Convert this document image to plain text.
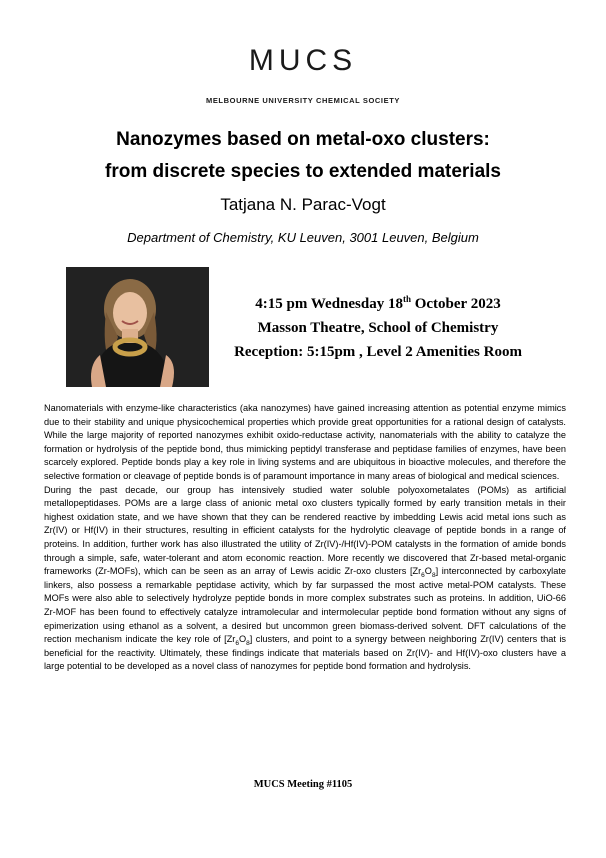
MUCS
MELBOURNE UNIVERSITY CHEMICAL SOCIETY
Nanozymes based on metal-oxo clusters:
from discrete species to extended materials
Tatjana N. Parac-Vogt
Department of Chemistry, KU Leuven, 3001 Leuven, Belgium
4:15 pm Wednesday 18th October 2023
Masson Theatre, School of Chemistry
Reception: 5:15pm , Level 2 Amenities Room

Nanomaterials with enzyme-like characteristics (aka nanozymes) have gained increasing attention as potential enzyme mimics due to their stability and unique physicochemical properties which provide great opportunities for a rational design of catalysts. While the large majority of reported nanozymes exhibit oxido-reductase activity, nanomaterials with the ability to catalyze the formation or hydrolysis of the peptide bond, thus mimicking peptidyl transferase and peptidase families of enzymes, have been scarcely explored. Peptide bonds play a key role in living systems and are ubiquitous in bioactive molecules, and therefore the selective formation or cleavage of peptide bonds is of paramount importance in many areas of biological and medical sciences.

During the past decade, our group has intensively studied water soluble polyoxometalates (POMs) as artificial metallopeptidases. POMs are a large class of anionic metal oxo clusters typically formed by early transition metals in their highest oxidation state, and we have shown that they can be rendered reactive by imbedding Lewis acid metal ions such as Zr(IV) or Hf(IV) in their structures, resulting in efficient catalysts for the hydrolytic cleavage of peptide bonds in a range of proteins. In addition, further work has also illustrated the utility of Zr(IV)-/Hf(IV)-POM catalysts in the formation of amide bonds through a simple, safe, water-tolerant and atom economic reaction. More recently we discovered that Zr-based metal-organic frameworks (Zr-MOFs), which can be seen as an array of Lewis acidic Zr-oxo clusters $[Zr_6O_8]$ interconnected by carboxylate linkers, also possess a remarkable peptidase activity, which by far surpassed the most active metal-POM catalysts. These MOFs were also able to selectively hydrolyze peptide bonds in more complex substrates such as proteins. In addition, UiO-66 Zr-MOF has been found to effectively catalyze intramolecular and intermolecular peptide bond formation without any signs of epimerization using ethanol as a solvent, a desired but uncommon green biomass-derived solvent. DFT calculations of the rection mechanism indicate the key role of $[Zr_6O_8]$ clusters, and point to a synergy between neighboring Zr(IV) centers that is beneficial for the reactivity. Ultimately, these findings indicate that materials based on Zr(IV)- and Hf(IV)-oxo clusters have a large potential to be developed as a novel class of nanozymes for peptide bond formation and hydrolysis.

MUCS Meeting #1105
